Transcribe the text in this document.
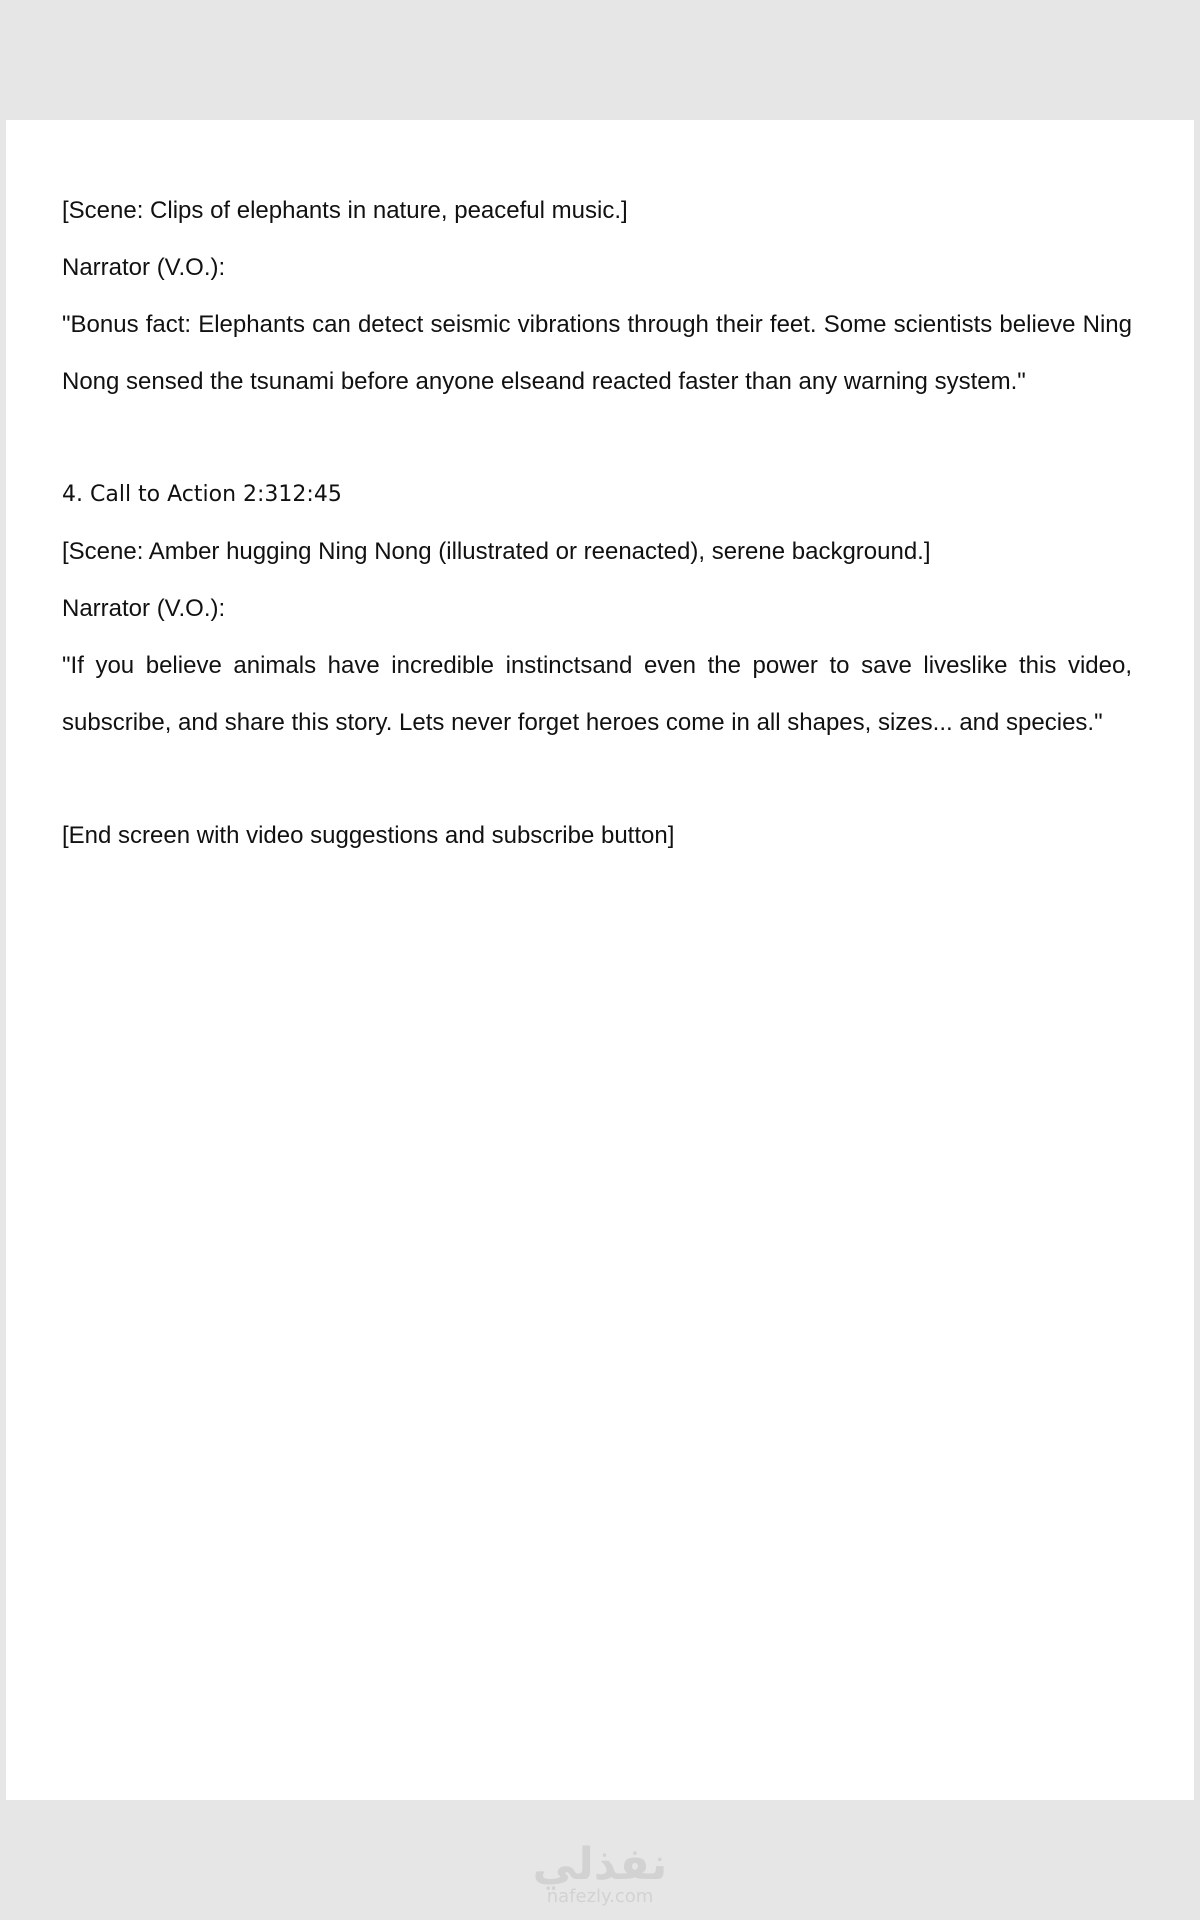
[Scene: Clips of elephants in nature, peaceful music.]

Narrator (V.O.):

"Bonus fact: Elephants can detect seismic vibrations through their feet. Some scientists believe Ning Nong sensed the tsunami before anyone elseand reacted faster than any warning system."

4. Call to Action 2:312:45

[Scene: Amber hugging Ning Nong (illustrated or reenacted), serene background.]

Narrator (V.O.):

"If you believe animals have incredible instinctsand even the power to save liveslike this video, subscribe, and share this story. Lets never forget heroes come in all shapes, sizes... and species."

[End screen with video suggestions and subscribe button]

نفذلي
nafezly.com
